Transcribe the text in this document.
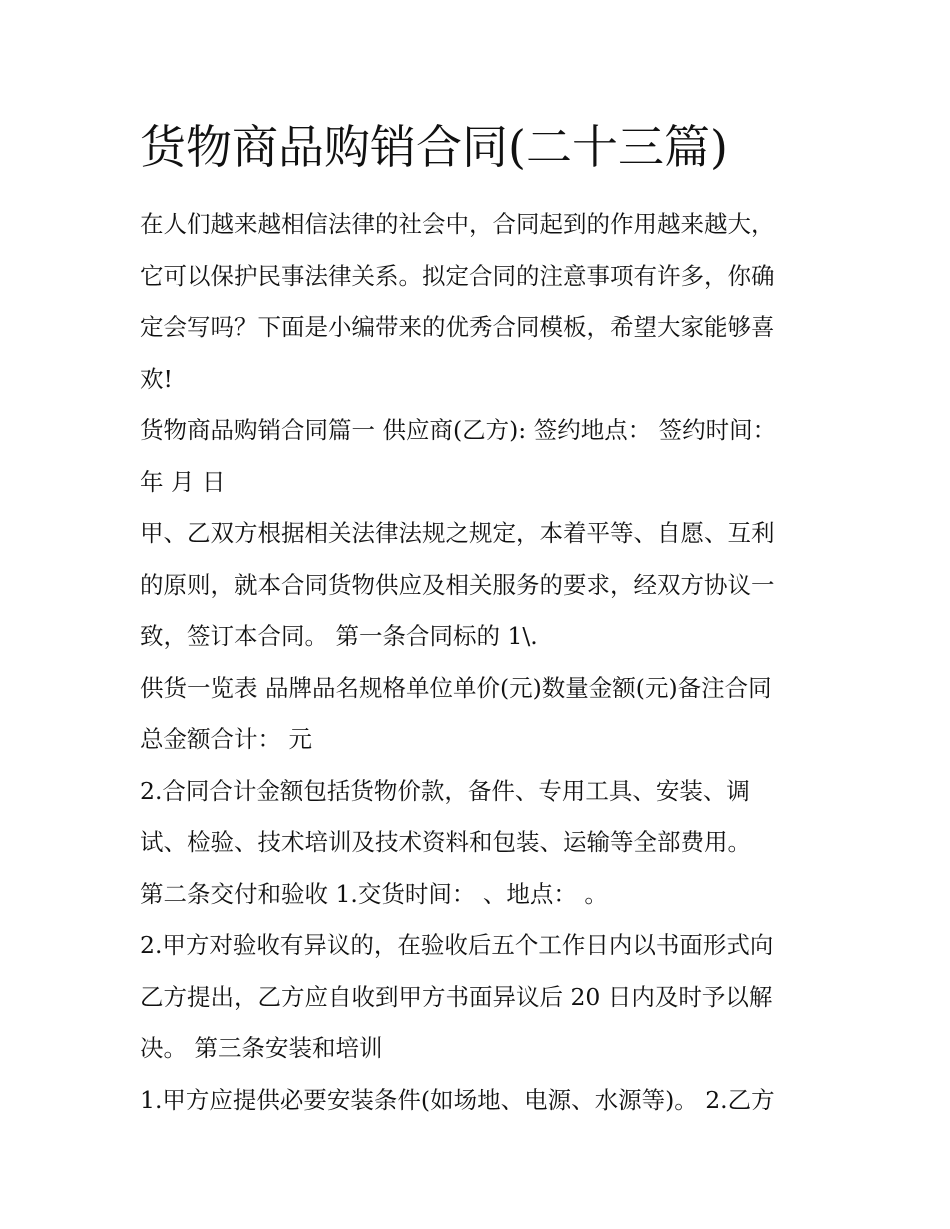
货物商品购销合同(二十三篇)
在人们越来越相信法律的社会中，合同起到的作用越来越大，
它可以保护民事法律关系。拟定合同的注意事项有许多，你确
定会写吗？下面是小编带来的优秀合同模板，希望大家能够喜
欢!
货物商品购销合同篇一 供应商(乙方): 签约地点： 签约时间：
年 月 日
甲、乙双方根据相关法律法规之规定，本着平等、自愿、互利
的原则，就本合同货物供应及相关服务的要求，经双方协议一
致，签订本合同。 第一条合同标的 1\.
供货一览表 品牌品名规格单位单价(元)数量金额(元)备注合同
总金额合计： 元
2.合同合计金额包括货物价款，备件、专用工具、安装、调
试、检验、技术培训及技术资料和包装、运输等全部费用。
第二条交付和验收 1.交货时间： 、地点： 。
2.甲方对验收有异议的，在验收后五个工作日内以书面形式向
乙方提出，乙方应自收到甲方书面异议后 20 日内及时予以解
决。 第三条安装和培训
1.甲方应提供必要安装条件(如场地、电源、水源等)。 2.乙方
